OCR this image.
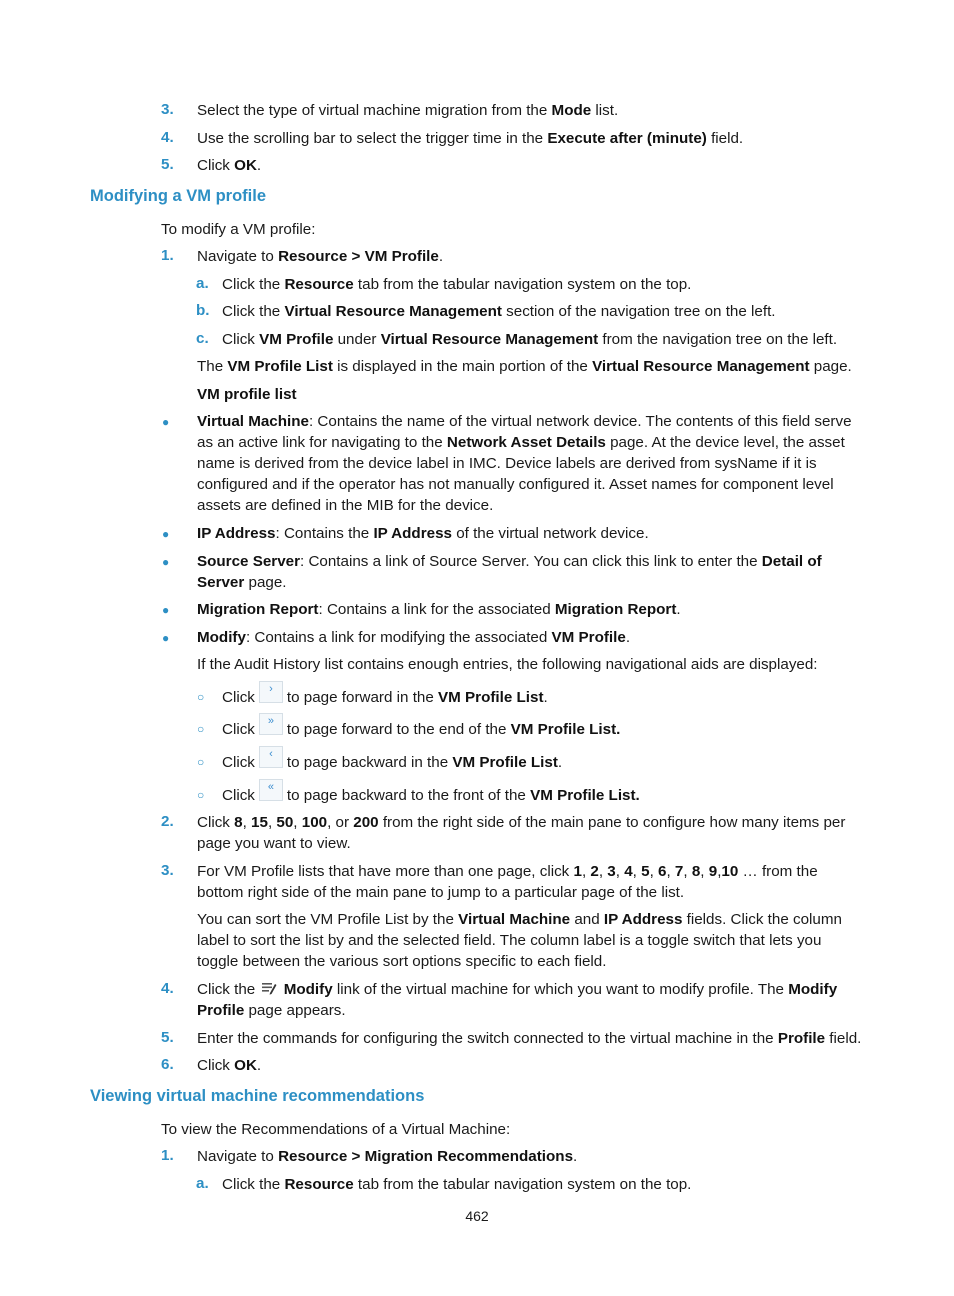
3. Select the type of virtual machine migration from the Mode list.
4. Use the scrolling bar to select the trigger time in the Execute after (minute) field.
5. Click OK.
Modifying a VM profile
To modify a VM profile:
1. Navigate to Resource > VM Profile.
a. Click the Resource tab from the tabular navigation system on the top.
b. Click the Virtual Resource Management section of the navigation tree on the left.
c. Click VM Profile under Virtual Resource Management from the navigation tree on the left.
The VM Profile List is displayed in the main portion of the Virtual Resource Management page.
VM profile list
● Virtual Machine: Contains the name of the virtual network device. The contents of this field serve as an active link for navigating to the Network Asset Details page. At the device level, the asset name is derived from the device label in IMC. Device labels are derived from sysName if it is configured and if the operator has not manually configured it. Asset names for component level assets are defined in the MIB for the device.
● IP Address: Contains the IP Address of the virtual network device.
● Source Server: Contains a link of Source Server. You can click this link to enter the Detail of Server page.
● Migration Report: Contains a link for the associated Migration Report.
● Modify: Contains a link for modifying the associated VM Profile.
If the Audit History list contains enough entries, the following navigational aids are displayed:
○ Click › to page forward in the VM Profile List.
○ Click » to page forward to the end of the VM Profile List.
○ Click ‹ to page backward in the VM Profile List.
○ Click « to page backward to the front of the VM Profile List.
2. Click 8, 15, 50, 100, or 200 from the right side of the main pane to configure how many items per page you want to view.
3. For VM Profile lists that have more than one page, click 1, 2, 3, 4, 5, 6, 7, 8, 9,10 … from the bottom right side of the main pane to jump to a particular page of the list.
You can sort the VM Profile List by the Virtual Machine and IP Address fields. Click the column label to sort the list by and the selected field. The column label is a toggle switch that lets you toggle between the various sort options specific to each field.
4. Click the Modify link of the virtual machine for which you want to modify profile. The Modify Profile page appears.
5. Enter the commands for configuring the switch connected to the virtual machine in the Profile field.
6. Click OK.
Viewing virtual machine recommendations
To view the Recommendations of a Virtual Machine:
1. Navigate to Resource > Migration Recommendations.
a. Click the Resource tab from the tabular navigation system on the top.
462
